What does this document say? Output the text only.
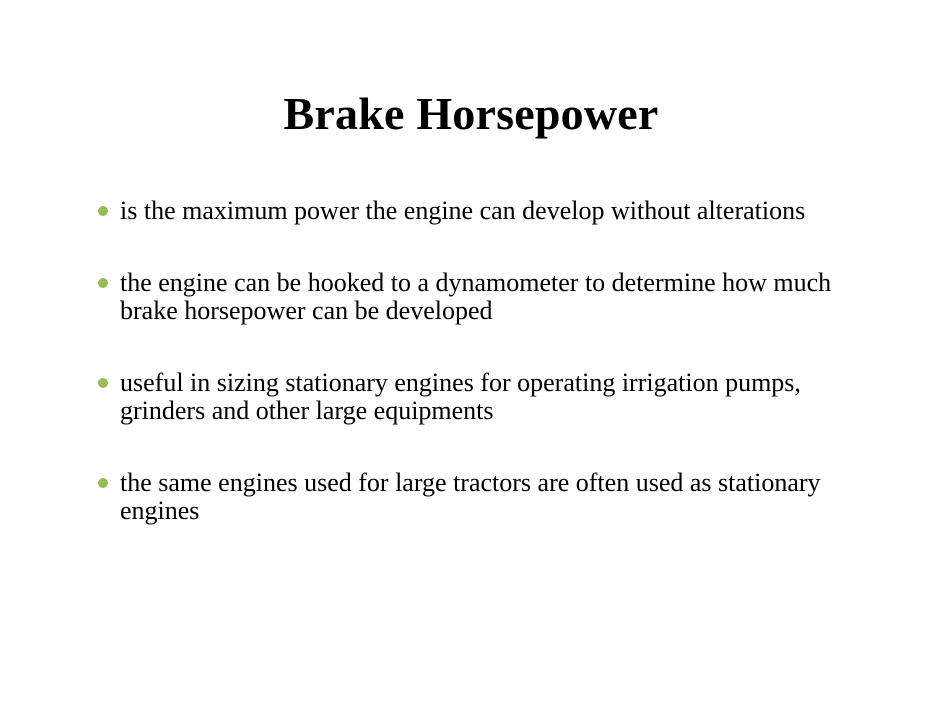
Brake Horsepower
is the maximum power the engine can develop without alterations
the engine can be hooked to a dynamometer to determine how much brake horsepower can be developed
useful in sizing stationary engines for operating irrigation pumps, grinders and other large equipments
the same engines used for large tractors are often used as stationary engines
